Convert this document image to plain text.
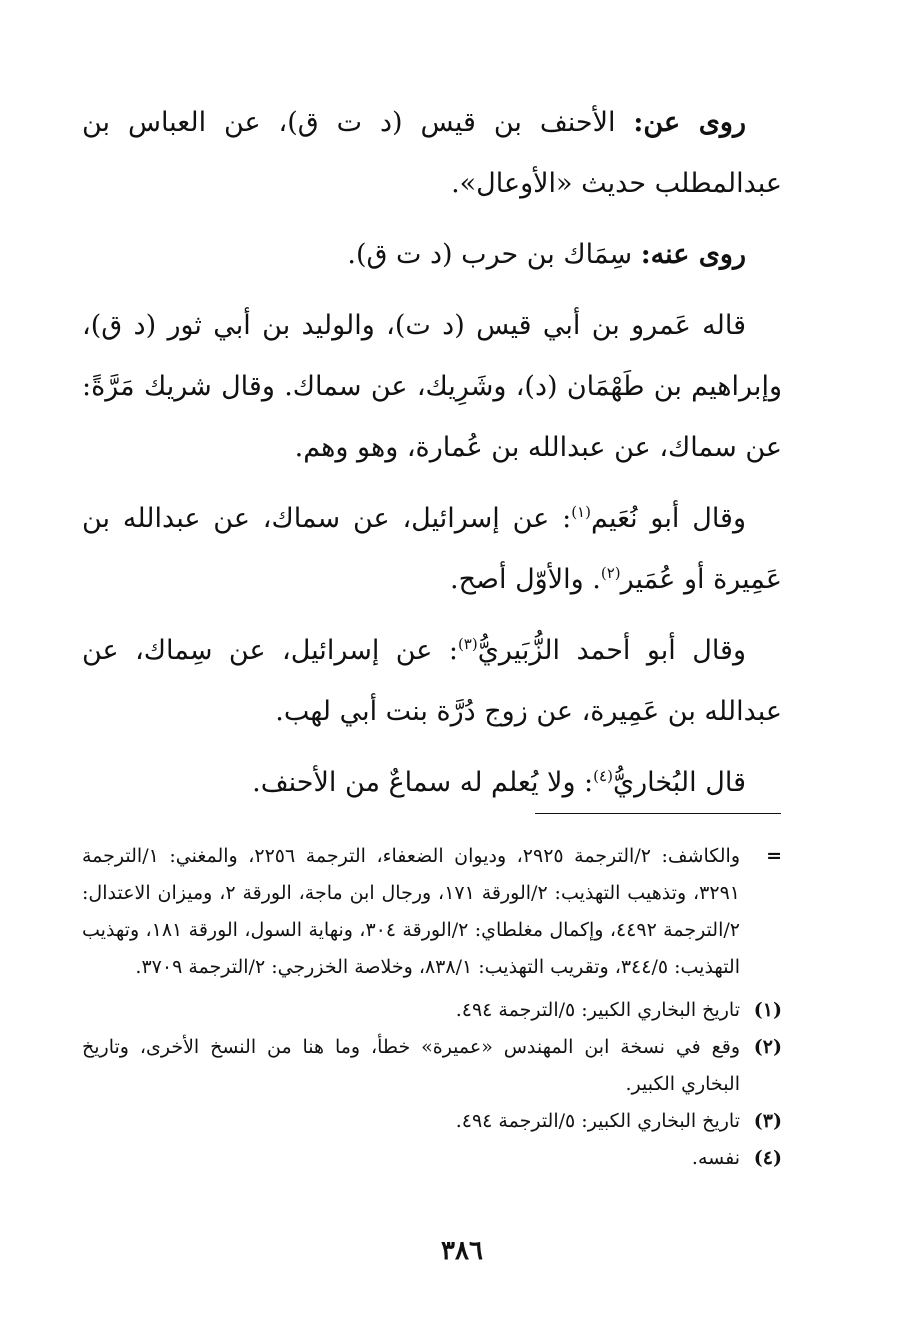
روى عن: الأحنف بن قيس (د ت ق)، عن العباس بن عبدالمطلب حديث «الأوعال».

روى عنه: سِمَاك بن حرب (د ت ق).

قاله عَمرو بن أبي قيس (د ت)، والوليد بن أبي ثور (د ق)، وإبراهيم بن طَهْمَان (د)، وشَرِيك، عن سماك. وقال شريك مَرَّةً: عن سماك، عن عبدالله بن عُمارة، وهو وهم.

وقال أبو نُعَيم$^{(١)}$: عن إسرائيل، عن سماك، عن عبدالله بن عَمِيرة أو عُمَير$^{(٢)}$. والأوّل أصح.

وقال أبو أحمد الزُّبَيريُّ$^{(٣)}$: عن إسرائيل، عن سِماك، عن عبدالله بن عَمِيرة، عن زوج دُرَّة بنت أبي لهب.

قال البُخاريُّ$^{(٤)}$: ولا يُعلم له سماعٌ من الأحنف.

=
والكاشف: ٢/الترجمة ٢٩٢٥، وديوان الضعفاء، الترجمة ٢٢٥٦، والمغني: ١/الترجمة ٣٢٩١، وتذهيب التهذيب: ٢/الورقة ١٧١، ورجال ابن ماجة، الورقة ٢، وميزان الاعتدال: ٢/الترجمة ٤٤٩٢، وإكمال مغلطاي: ٢/الورقة ٣٠٤، ونهاية السول، الورقة ١٨١، وتهذيب التهذيب: ٣٤٤/٥، وتقريب التهذيب: ٨٣٨/١، وخلاصة الخزرجي: ٢/الترجمة ٣٧٠٩.

(١)
تاريخ البخاري الكبير: ٥/الترجمة ٤٩٤.

(٢)
وقع في نسخة ابن المهندس «عميرة» خطأ، وما هنا من النسخ الأخرى، وتاريخ البخاري الكبير.

(٣)
تاريخ البخاري الكبير: ٥/الترجمة ٤٩٤.

(٤)
نفسه.

٣٨٦
